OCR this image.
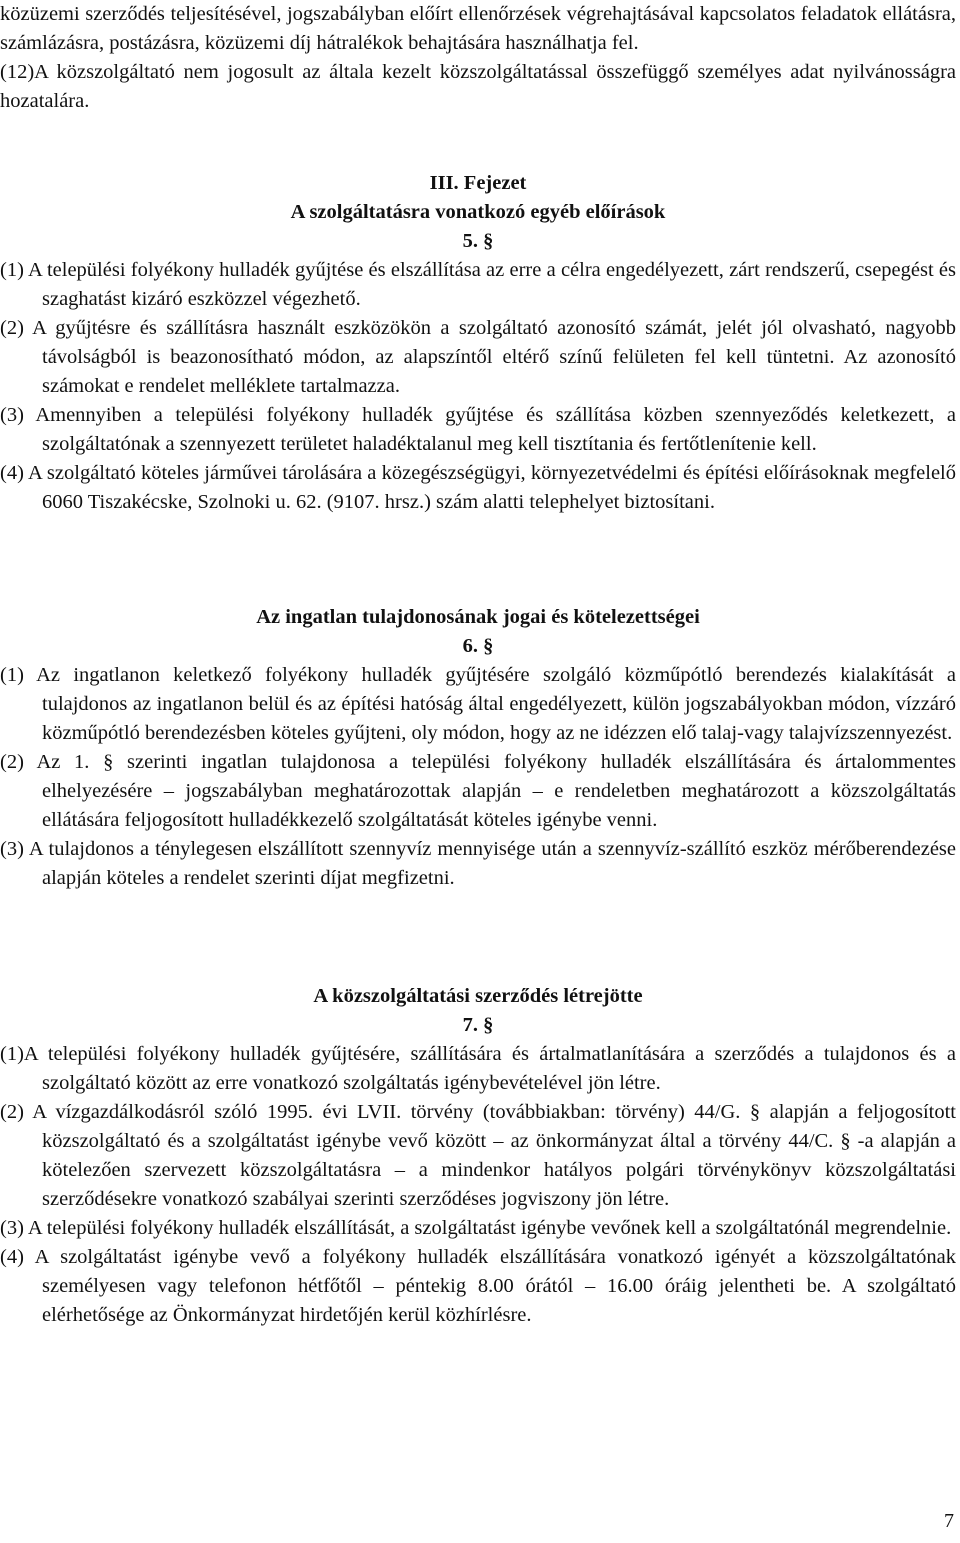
közüzemi szerződés teljesítésével, jogszabályban előírt ellenőrzések végrehajtásával kapcsolatos feladatok ellátásra, számlázásra, postázásra, közüzemi díj hátralékok behajtására használhatja fel.

(12)A közszolgáltató nem jogosult az általa kezelt közszolgáltatással összefüggő személyes adat nyilvánosságra hozatalára.

III. Fejezet

A szolgáltatásra vonatkozó egyéb előírások

5. §

(1) A települési folyékony hulladék gyűjtése és elszállítása az erre a célra engedélyezett, zárt rendszerű, csepegést és szaghatást kizáró eszközzel végezhető.

(2) A gyűjtésre és szállításra használt eszközökön a szolgáltató azonosító számát, jelét jól olvasható, nagyobb távolságból is beazonosítható módon, az alapszíntől eltérő színű felületen fel kell tüntetni. Az azonosító számokat e rendelet melléklete tartalmazza.

(3) Amennyiben a települési folyékony hulladék gyűjtése és szállítása közben szennyeződés keletkezett, a szolgáltatónak a szennyezett területet haladéktalanul meg kell tisztítania és fertőtlenítenie kell.

(4) A szolgáltató köteles járművei tárolására a közegészségügyi, környezetvédelmi és építési előírásoknak megfelelő 6060 Tiszakécske, Szolnoki u. 62. (9107. hrsz.) szám alatti telephelyet biztosítani.

Az ingatlan tulajdonosának jogai és kötelezettségei

6. §

(1) Az ingatlanon keletkező folyékony hulladék gyűjtésére szolgáló közműpótló berendezés kialakítását a tulajdonos az ingatlanon belül és az építési hatóság által engedélyezett, külön jogszabályokban módon, vízzáró közműpótló berendezésben köteles gyűjteni, oly módon, hogy az ne idézzen elő talaj-vagy talajvízszennyezést.

(2) Az 1. § szerinti ingatlan tulajdonosa a települési folyékony hulladék elszállítására és ártalommentes elhelyezésére – jogszabályban meghatározottak alapján – e rendeletben meghatározott a közszolgáltatás ellátására feljogosított hulladékkezelő szolgáltatását köteles igénybe venni.

(3) A tulajdonos a ténylegesen elszállított szennyvíz mennyisége után a szennyvíz-szállító eszköz mérőberendezése alapján köteles a rendelet szerinti díjat megfizetni.

A közszolgáltatási szerződés létrejötte

7. §

(1)A települési folyékony hulladék gyűjtésére, szállítására és ártalmatlanítására a szerződés a tulajdonos és a szolgáltató között az erre vonatkozó szolgáltatás igénybevételével jön létre.

(2) A vízgazdálkodásról szóló 1995. évi LVII. törvény (továbbiakban: törvény) 44/G. § alapján a feljogosított közszolgáltató és a szolgáltatást igénybe vevő között – az önkormányzat által a törvény 44/C. § -a alapján a kötelezően szervezett közszolgáltatásra – a mindenkor hatályos polgári törvénykönyv közszolgáltatási szerződésekre vonatkozó szabályai szerinti szerződéses jogviszony jön létre.

(3) A települési folyékony hulladék elszállítását, a szolgáltatást igénybe vevőnek kell a szolgáltatónál megrendelnie.

(4) A szolgáltatást igénybe vevő a folyékony hulladék elszállítására vonatkozó igényét a közszolgáltatónak személyesen vagy telefonon hétfőtől – péntekig 8.00 órától – 16.00 óráig jelentheti be. A szolgáltató elérhetősége az Önkormányzat hirdetőjén kerül közhírlésre.

7
